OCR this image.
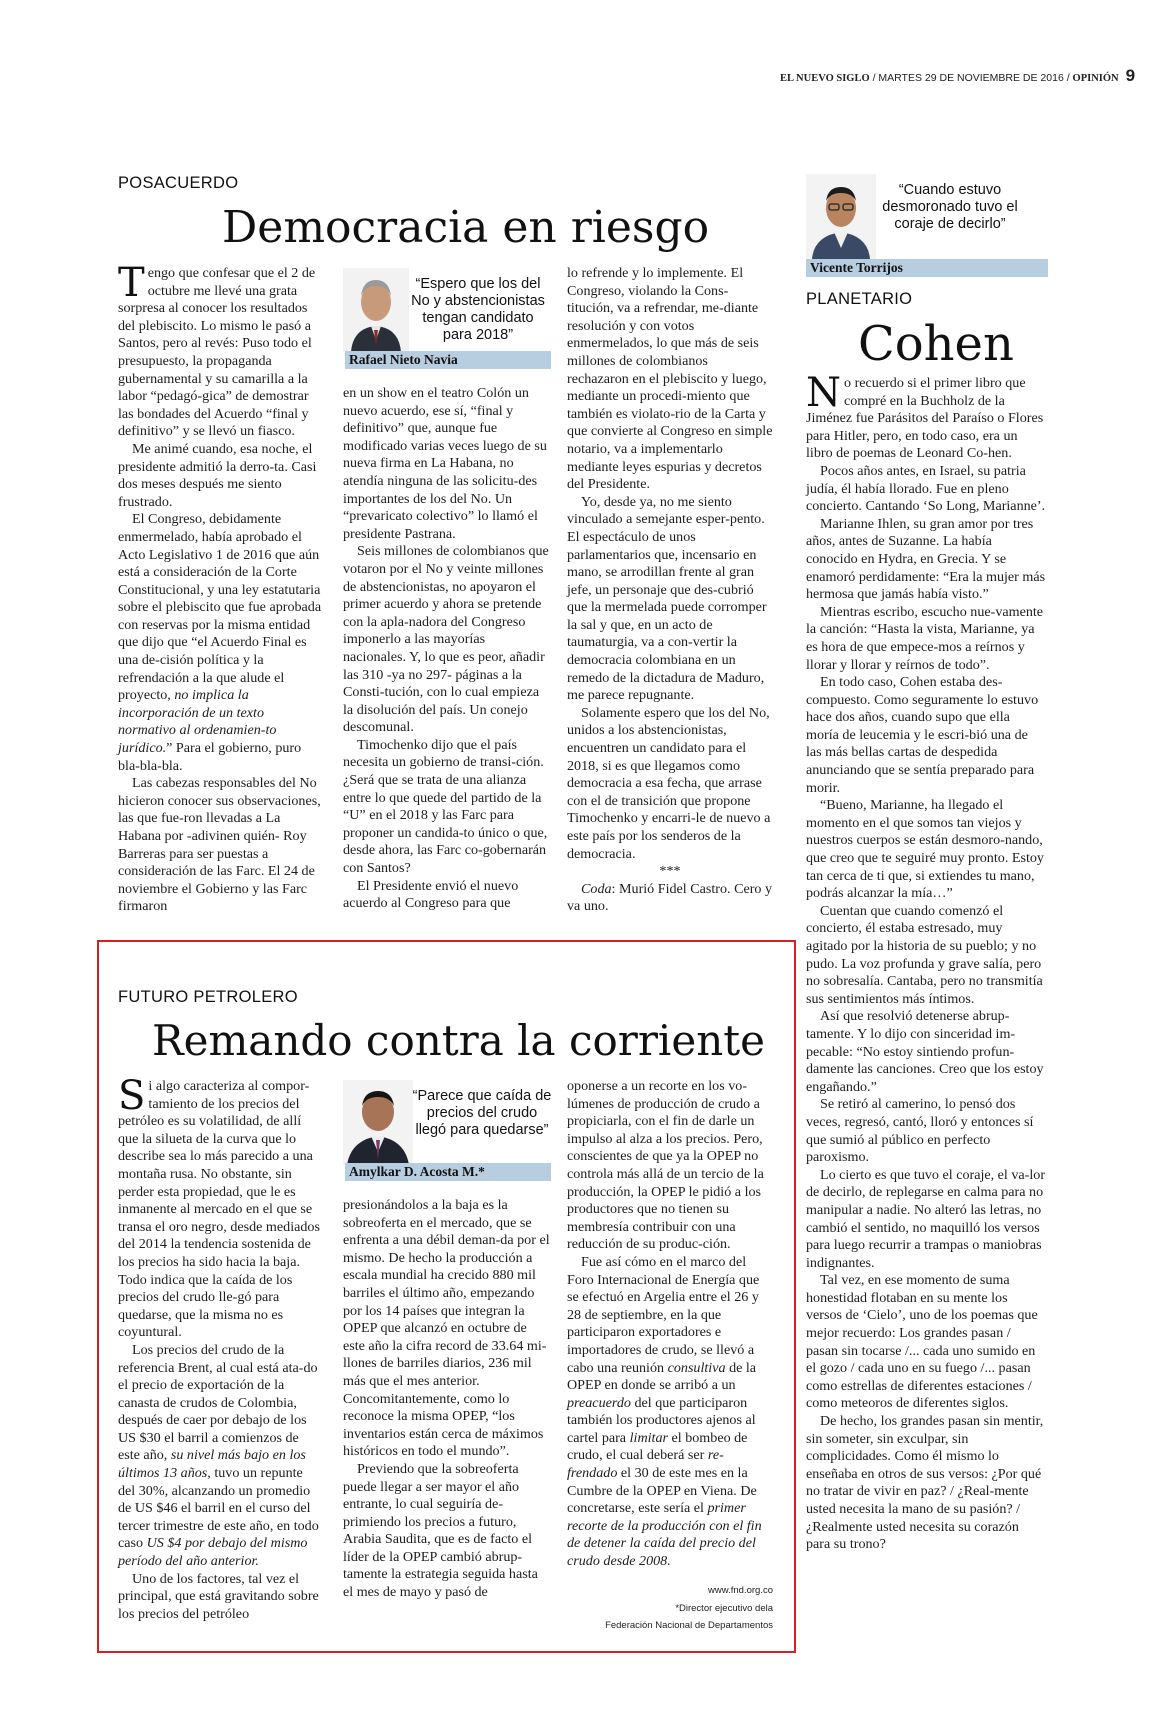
EL NUEVO SIGLO / MARTES 29 DE NOVIEMBRE DE 2016 / OPINIÓN 9
POSACUERDO
Democracia en riesgo

Tengo que confesar que el 2 de octubre me llevé una grata sorpresa al conocer los resultados del plebiscito. Lo mismo le pasó a Santos, pero al revés: Puso todo el presupuesto, la propaganda gubernamental y su camarilla a la labor “pedagó-gica” de demostrar las bondades del Acuerdo “final y definitivo” y se llevó un fiasco.

Me animé cuando, esa noche, el presidente admitió la derro-ta. Casi dos meses después me siento frustrado.

El Congreso, debidamente enmermelado, había aprobado el Acto Legislativo 1 de 2016 que aún está a consideración de la Corte Constitucional, y una ley estatutaria sobre el plebiscito que fue aprobada con reservas por la misma entidad que dijo que “el Acuerdo Final es una de-cisión política y la refrendación a la que alude el proyecto, no implica la incorporación de un texto normativo al ordenamien-to jurídico.” Para el gobierno, puro bla-bla-bla.

Las cabezas responsables del No hicieron conocer sus observaciones, las que fue-ron llevadas a La Habana por -adivinen quién- Roy Barreras para ser puestas a consideración de las Farc. El 24 de noviembre el Gobierno y las Farc firmaron

“Espero que los del No y abstencionistas tengan candidato para 2018”
Rafael Nieto Navia

en un show en el teatro Colón un nuevo acuerdo, ese sí, “final y definitivo” que, aunque fue modificado varias veces luego de su nueva firma en La Habana, no atendía ninguna de las solicitu-des importantes de los del No. Un “prevaricato colectivo” lo llamó el presidente Pastrana.

Seis millones de colombianos que votaron por el No y veinte millones de abstencionistas, no apoyaron el primer acuerdo y ahora se pretende con la apla-nadora del Congreso imponerlo a las mayorías nacionales. Y, lo que es peor, añadir las 310 -ya no 297- páginas a la Consti-tución, con lo cual empieza la disolución del país. Un conejo descomunal.

Timochenko dijo que el país necesita un gobierno de transi-ción. ¿Será que se trata de una alianza entre lo que quede del partido de la “U” en el 2018 y las Farc para proponer un candida-to único o que, desde ahora, las Farc co-gobernarán con Santos?

El Presidente envió el nuevo acuerdo al Congreso para que

lo refrende y lo implemente. El Congreso, violando la Cons-titución, va a refrendar, me-diante resolución y con votos enmermelados, lo que más de seis millones de colombianos rechazaron en el plebiscito y luego, mediante un procedi-miento que también es violato-rio de la Carta y que convierte al Congreso en simple notario, va a implementarlo mediante leyes espurias y decretos del Presidente.

Yo, desde ya, no me siento vinculado a semejante esper-pento. El espectáculo de unos parlamentarios que, incensario en mano, se arrodillan frente al gran jefe, un personaje que des-cubrió que la mermelada puede corromper la sal y que, en un acto de taumaturgia, va a con-vertir la democracia colombiana en un remedo de la dictadura de Maduro, me parece repugnante.

Solamente espero que los del No, unidos a los abstencionistas, encuentren un candidato para el 2018, si es que llegamos como democracia a esa fecha, que arrase con el de transición que propone Timochenko y encarri-le de nuevo a este país por los senderos de la democracia.

***

Coda: Murió Fidel Castro. Cero y va uno.

“Cuando estuvo desmoronado tuvo el coraje de decirlo”
Vicente Torrijos
PLANETARIO
Cohen

No recuerdo si el primer libro que compré en la Buchholz de la Jiménez fue Parásitos del Paraíso o Flores para Hitler, pero, en todo caso, era un libro de poemas de Leonard Co-hen.

Pocos años antes, en Israel, su patria judía, él había llorado. Fue en pleno concierto. Cantando ‘So Long, Marianne’.

Marianne Ihlen, su gran amor por tres años, antes de Suzanne. La había conocido en Hydra, en Grecia. Y se enamoró perdidamente: “Era la mujer más hermosa que jamás había visto.”

Mientras escribo, escucho nue-vamente la canción: “Hasta la vista, Marianne, ya es hora de que empece-mos a reírnos y llorar y llorar y reírnos de todo”.

En todo caso, Cohen estaba des-compuesto. Como seguramente lo estuvo hace dos años, cuando supo que ella moría de leucemia y le escri-bió una de las más bellas cartas de despedida anunciando que se sentía preparado para morir.

“Bueno, Marianne, ha llegado el momento en el que somos tan viejos y nuestros cuerpos se están desmoro-nando, que creo que te seguiré muy pronto. Estoy tan cerca de ti que, si extiendes tu mano, podrás alcanzar la mía…”

Cuentan que cuando comenzó el concierto, él estaba estresado, muy agitado por la historia de su pueblo; y no pudo. La voz profunda y grave salía, pero no sobresalía. Cantaba, pero no transmitía sus sentimientos más íntimos.

Así que resolvió detenerse abrup-tamente. Y lo dijo con sinceridad im-pecable: “No estoy sintiendo profun-damente las canciones. Creo que los estoy engañando.”

Se retiró al camerino, lo pensó dos veces, regresó, cantó, lloró y entonces sí que sumió al público en perfecto paroxismo.

Lo cierto es que tuvo el coraje, el va-lor de decirlo, de replegarse en calma para no manipular a nadie. No alteró las letras, no cambió el sentido, no maquilló los versos para luego recurrir a trampas o maniobras indignantes.

Tal vez, en ese momento de suma honestidad flotaban en su mente los versos de ‘Cielo’, uno de los poemas que mejor recuerdo: Los grandes pasan / pasan sin tocarse /... cada uno sumido en el gozo / cada uno en su fuego /... pasan como estrellas de diferentes estaciones / como meteoros de diferentes siglos.

De hecho, los grandes pasan sin mentir, sin someter, sin exculpar, sin complicidades. Como él mismo lo enseñaba en otros de sus versos: ¿Por qué no tratar de vivir en paz? / ¿Real-mente usted necesita la mano de su pasión? / ¿Realmente usted necesita su corazón para su trono?

FUTURO PETROLERO
Remando contra la corriente

Si algo caracteriza al compor-tamiento de los precios del petróleo es su volatilidad, de allí que la silueta de la curva que lo describe sea lo más parecido a una montaña rusa. No obstante, sin perder esta propiedad, que le es inmanente al mercado en el que se transa el oro negro, desde mediados del 2014 la tendencia sostenida de los precios ha sido hacia la baja. Todo indica que la caída de los precios del crudo lle-gó para quedarse, que la misma no es coyuntural.

Los precios del crudo de la referencia Brent, al cual está ata-do el precio de exportación de la canasta de crudos de Colombia, después de caer por debajo de los US $30 el barril a comienzos de este año, su nivel más bajo en los últimos 13 años, tuvo un repunte del 30%, alcanzando un promedio de US $46 el barril en el curso del tercer trimestre de este año, en todo caso US $4 por debajo del mismo período del año anterior.

Uno de los factores, tal vez el principal, que está gravitando sobre los precios del petróleo

“Parece que caída de precios del crudo llegó para quedarse”
Amylkar D. Acosta M.*

presionándolos a la baja es la sobreoferta en el mercado, que se enfrenta a una débil deman-da por el mismo. De hecho la producción a escala mundial ha crecido 880 mil barriles el último año, empezando por los 14 países que integran la OPEP que alcanzó en octubre de este año la cifra record de 33.64 mi-llones de barriles diarios, 236 mil más que el mes anterior. Concomitantemente, como lo reconoce la misma OPEP, “los inventarios están cerca de máximos históricos en todo el mundo”.

Previendo que la sobreoferta puede llegar a ser mayor el año entrante, lo cual seguiría de-primiendo los precios a futuro, Arabia Saudita, que es de facto el líder de la OPEP cambió abrup-tamente la estrategia seguida hasta el mes de mayo y pasó de

oponerse a un recorte en los vo-lúmenes de producción de crudo a propiciarla, con el fin de darle un impulso al alza a los precios. Pero, conscientes de que ya la OPEP no controla más allá de un tercio de la producción, la OPEP le pidió a los productores que no tienen su membresía contribuir con una reducción de su produc-ción.

Fue así cómo en el marco del Foro Internacional de Energía que se efectuó en Argelia entre el 26 y 28 de septiembre, en la que participaron exportadores e importadores de crudo, se llevó a cabo una reunión consultiva de la OPEP en donde se arribó a un preacuerdo del que participaron también los productores ajenos al cartel para limitar el bombeo de crudo, el cual deberá ser re-frendado el 30 de este mes en la Cumbre de la OPEP en Viena. De concretarse, este sería el primer recorte de la producción con el fin de detener la caída del precio del crudo desde 2008.

www.fnd.org.co
*Director ejecutivo dela
Federación Nacional de Departamentos
